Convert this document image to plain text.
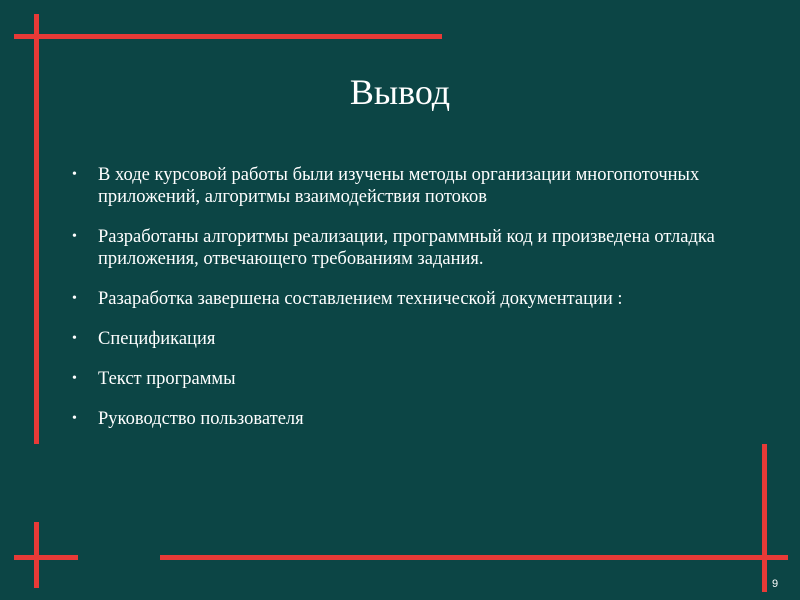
Вывод
• В ходе курсовой работы были изучены методы организации многопоточных приложений, алгоритмы взаимодействия потоков
• Разработаны алгоритмы реализации, программный код и произведена отладка приложения, отвечающего требованиям задания.
• Разаработка завершена составлением технической документации :
• Спецификация
• Текст программы
• Руководство пользователя
9
